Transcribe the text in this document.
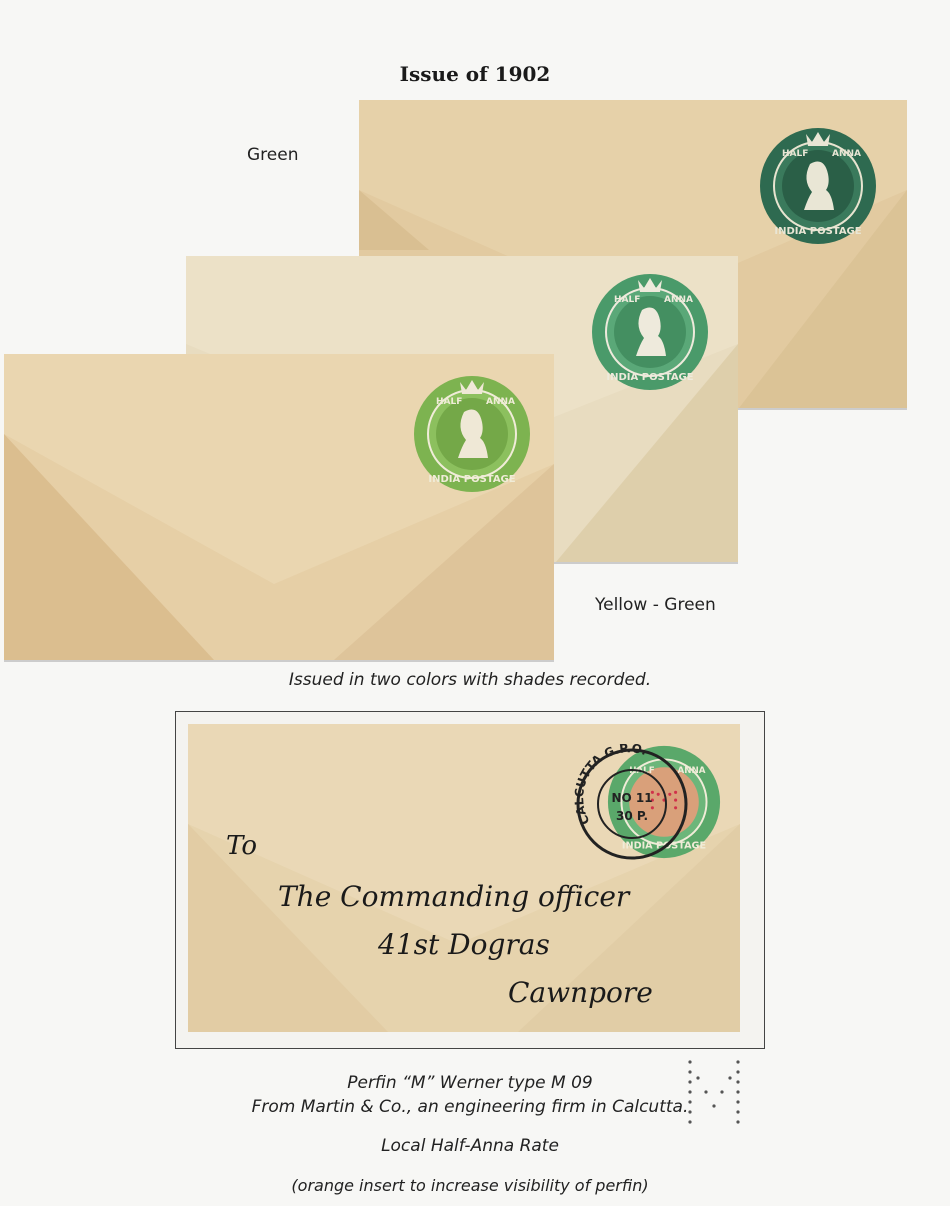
Issue of 1902
Green	HALF	ANNA
INDIA POSTAGE
HALF	ANNA
INDIA POSTAGE
HALF	ANNA
INDIA POSTAGE
Yellow - Green
Issued in two colors with shades recorded.
HALF	ANNA
INDIA POSTAGE
CALCUTTA G.P.O.
NO 11
30 P.
To
The Commanding officer
41st Dogras
Cawnpore
Perfin “M” Werner type M 09
From Martin & Co., an engineering firm in Calcutta.
Local Half-Anna Rate
(orange insert to increase visibility of perfin)
